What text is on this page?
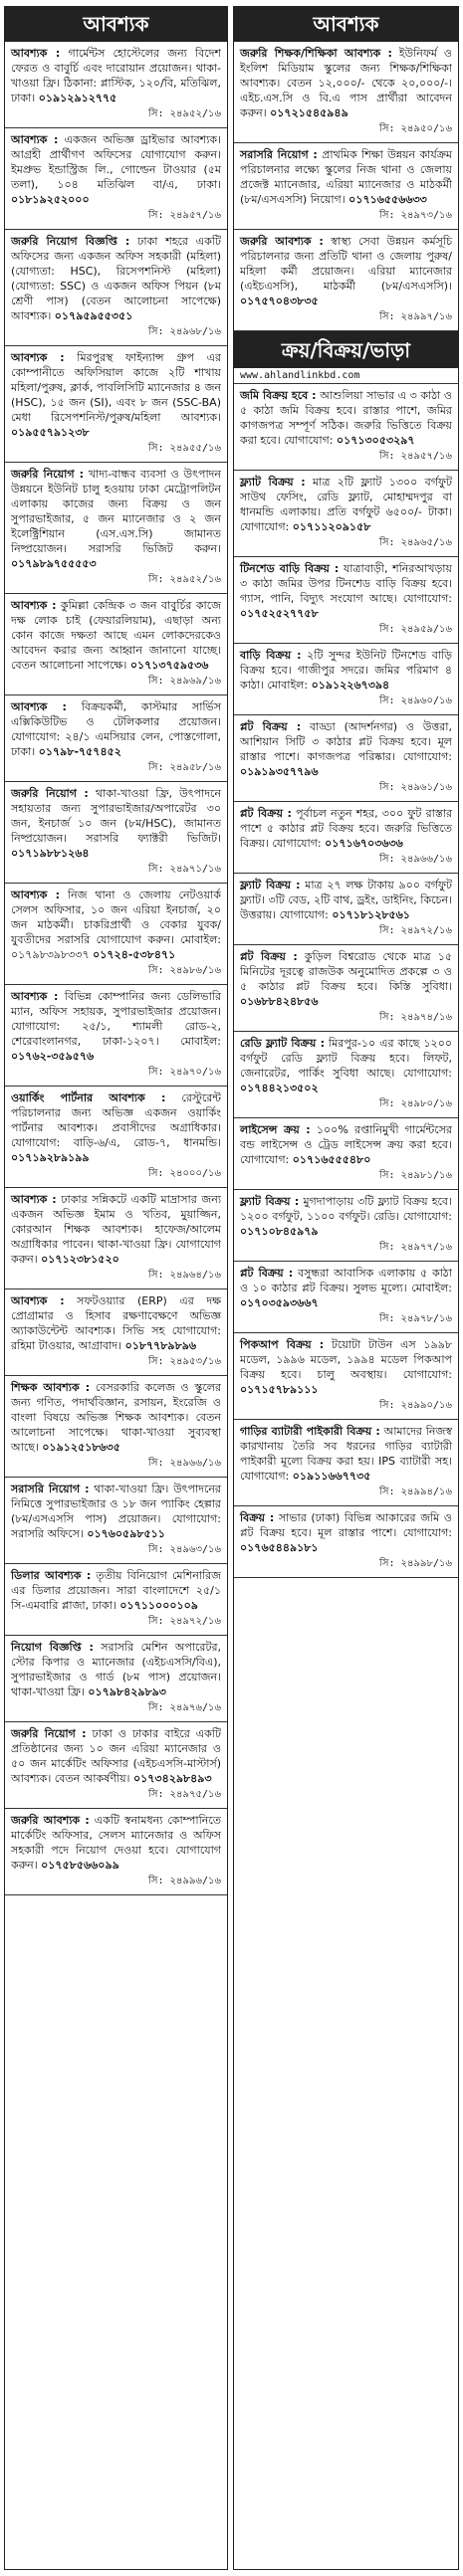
আবশ্যক
আবশ্যক : গার্মেন্টস হোস্টেলের জন্য বিদেশ ফেরত ও বাবুর্চি এবং দারোয়ান প্রয়োজন। থাকা-খাওয়া ফ্রি। ঠিকানা: প্লাস্টিক, ১২০/বি, মতিঝিল, ঢাকা। ০১৯১২৯১২৭৭৫
সি: ২৪৯৫২/১৬
আবশ্যক : একজন অভিজ্ঞ ড্রাইভার আবশ্যক। আগ্রহী প্রার্থীগণ অফিসের যোগাযোগ করুন। ইমপ্রুভ ইন্ডাস্ট্রিজ লি., গোল্ডেন টাওয়ার (৫ম তলা), ১০৪ মতিঝিল বা/এ, ঢাকা। ০১৮১৯২৫২০০০
সি: ২৪৯৫৭/১৬
জরুরি নিয়োগ বিজ্ঞপ্তি : ঢাকা শহরে একটি অফিসের জন্য একজন অফিস সহকারী (মহিলা) (যোগ্যতা: HSC), রিসেপশনিস্ট (মহিলা) (যোগ্যতা: SSC) ও একজন অফিস পিয়ন (৮ম শ্রেণী পাস) (বেতন আলোচনা সাপেক্ষে) আবশ্যক। ০১৭৯৫৯৫৫৩৫১
সি: ২৪৯৬৮/১৬
আবশ্যক : মিরপুরস্থ ফাইন্যান্স গ্রুপ এর কোম্পানীতে অফিসিয়াল কাজে ২টি শাখায় মহিলা/পুরুষ, ক্লার্ক, পাবলিসিটি ম্যানেজার ৪ জন (HSC), ১৫ জন (SI), এবং ৮ জন (SSC-BA) মেধা রিসেপশনিস্ট/পুরুষ/মহিলা আবশ্যক। ০১৯৫৫৭৯১২৩৮
সি: ২৪৯৫৫/১৬
জরুরি নিয়োগ : খাদ্য-বান্ধব ব্যবসা ও উৎপাদন উন্নয়নে ইউনিট চালু হওয়ায় ঢাকা মেট্রোপলিটন এলাকায় কাজের জন্য বিক্রয় ও জন সুপারভাইজার, ৫ জন ম্যানেজার ও ২ জন ইলেক্ট্রিশিয়ান (এস.এস.সি) জামানত নিষ্প্রয়োজন। সরাসরি ভিজিট করুন। ০১৭৯৮৯৭৫৫৫৫৩
সি: ২৪৯৫২/১৬
আবশ্যক : কুমিল্লা কেন্দ্রিক ৩ জন বাবুর্চির কাজে দক্ষ লোক চাই (ফেয়ারলিয়াম), এছাড়া অন্য কোন কাজে দক্ষতা আছে এমন লোকদেরকেও আবেদন করার জন্য আহ্বান জানানো যাচ্ছে। বেতন আলোচনা সাপেক্ষে। ০১৭১৩৭৫৯৫৩৬
সি: ২৪৯৬৯/১৬
আবশ্যক : বিক্রয়কর্মী, কাস্টমার সার্ভিস এক্সিকিউটিভ ও টেলিকলার প্রয়োজন। যোগাযোগ: ২৪/১ এমসিয়ার লেন, পোস্তগোলা, ঢাকা। ০১৭৯৮-৭৫৭৪৫২
সি: ২৪৯৫৮/১৬
জরুরি নিয়োগ : থাকা-খাওয়া ফ্রি, উৎপাদনে সহায়তার জন্য সুপারভাইজার/অপারেটর ৩০ জন, ইনচার্জ ১০ জন (৮ম/HSC), জামানত নিষ্প্রয়োজন। সরাসরি ফ্যাক্টরী ভিজিট। ০১৭১৯৮৮১২৬৪
সি: ২৪৯৭১/১৬
আবশ্যক : নিজ থানা ও জেলায় নেটওয়ার্ক সেলস অফিসার, ১০ জন এরিয়া ইনচার্জ, ২০ জন মাঠকর্মী। চাকরিপ্রার্থী ও বেকার যুবক/যুবতীদের সরাসরি যোগাযোগ করুন। মোবাইল: ০১৭৯৮৩৯৮৩৩৭ ০১৭২৪-৫৩৮৪৭১
সি: ২৪৯৮৬/১৬
আবশ্যক : বিভিন্ন কোম্পানির জন্য ডেলিভারি ম্যান, অফিস সহায়ক, সুপারভাইজার প্রয়োজন। যোগাযোগ: ২৫/১, শ্যামলী রোড-২, শেরেবাংলানগর, ঢাকা-১২০৭। মোবাইল: ০১৭৬২-৩৫৯৫৭৬
সি: ২৪৯৭০/১৬
ওয়ার্কিং পার্টনার আবশ্যক : রেস্টুরেন্ট পরিচালনার জন্য অভিজ্ঞ একজন ওয়ার্কিং পার্টনার আবশ্যক। প্রবাসীদের অগ্রাধিকার। যোগাযোগ: বাড়ি-৬/এ, রোড-৭, ধানমন্ডি। ০১৭১৯২৮৯১৯৯
সি: ২৪০০০/১৬
আবশ্যক : ঢাকার সন্নিকটে একটি মাদ্রাসার জন্য একজন অভিজ্ঞ ইমাম ও খতিব, মুয়াজ্জিন, কোরআন শিক্ষক আবশ্যক। হাফেজ/আলেম অগ্রাধিকার পাবেন। থাকা-খাওয়া ফ্রি। যোগাযোগ করুন। ০১৭১২৩৮১৫২০
সি: ২৪৯৬৪/১৬
আবশ্যক : সফটওয়্যার (ERP) এর দক্ষ প্রোগ্রামার ও হিসাব রক্ষণাবেক্ষণে অভিজ্ঞ অ্যাকাউন্টেন্ট আবশ্যক। সিভি সহ যোগাযোগ: রহিমা টাওয়ার, আগ্রাবাদ। ০১৮৭৭৮৯৮৯৬
সি: ২৪৯৫৩/১৬
শিক্ষক আবশ্যক : বেসরকারি কলেজ ও স্কুলের জন্য গণিত, পদার্থবিজ্ঞান, রসায়ন, ইংরেজি ও বাংলা বিষয়ে অভিজ্ঞ শিক্ষক আবশ্যক। বেতন আলোচনা সাপেক্ষে। থাকা-খাওয়া সুব্যবস্থা আছে। ০১৯১২৫১৮৬৩৫
সি: ২৪৯৬৬/১৬
সরাসরি নিয়োগ : থাকা-খাওয়া ফ্রি। উৎপাদনের নিমিত্তে সুপারভাইজার ও ১৮ জন প্যাকিং হেল্পার (৮ম/এসএসসি পাস) প্রয়োজন। যোগাযোগ: সরাসরি অফিসে। ০১৭৬০৫৯৮৫১১
সি: ২৪৯৬৩/১৬
ডিলার আবশ্যক : তৃতীয় বিনিয়োগ মেশিনারিজ এর ডিলার প্রয়োজন। সারা বাংলাদেশে ২৫/১ সি-এমবারি প্লাজা, ঢাকা। ০১৭১১০০০১০৯
সি: ২৪৯৭২/১৬
নিয়োগ বিজ্ঞপ্তি : সরাসরি মেশিন অপারেটর, স্টোর কিপার ও ম্যানেজার (এইচএসসি/বিএ), সুপারভাইজার ও গার্ড (৮ম পাস) প্রয়োজন। থাকা-খাওয়া ফ্রি। ০১৭৯৮৪২৯৮৯৩
সি: ২৪৯৭৬/১৬
জরুরি নিয়োগ : ঢাকা ও ঢাকার বাইরে একটি প্রতিষ্ঠানের জন্য ১০ জন এরিয়া ম্যানেজার ও ৫০ জন মার্কেটিং অফিসার (এইচএসসি-মাস্টার্স) আবশ্যক। বেতন আকর্ষণীয়। ০১৭৩৪২৯৮৪৯৩
সি: ২৪৯৭৫/১৬
জরুরি আবশ্যক : একটি স্বনামধন্য কোম্পানিতে মার্কেটিং অফিসার, সেলস ম্যানেজার ও অফিস সহকারী পদে নিয়োগ দেওয়া হবে। যোগাযোগ করুন। ০১৭৫৮৫৬৬০৯৯
সি: ২৪৯৯৬/১৬
আবশ্যক
জরুরি শিক্ষক/শিক্ষিকা আবশ্যক : ইউনিফর্ম ও ইংলিশ মিডিয়াম স্কুলের জন্য শিক্ষক/শিক্ষিকা আবশ্যক। বেতন ১২,০০০/- থেকে ২০,০০০/-। এইচ.এস.সি ও বি.এ পাস প্রার্থীরা আবেদন করুন। ০১৭২১৫৪৫৯৪৯
সি: ২৪৯৫০/১৬
সরাসরি নিয়োগ : প্রাথমিক শিক্ষা উন্নয়ন কার্যক্রম পরিচালনার লক্ষ্যে স্কুলের নিজ থানা ও জেলায় প্রজেক্ট ম্যানেজার, এরিয়া ম্যানেজার ও মাঠকর্মী (৮ম/এসএসসি) নিয়োগ। ০১৭১৬৫৫৬৬৩৩
সি: ২৪৯৭৩/১৬
জরুরি আবশ্যক : স্বাস্থ্য সেবা উন্নয়ন কর্মসূচি পরিচালনার জন্য প্রতিটি থানা ও জেলায় পুরুষ/মহিলা কর্মী প্রয়োজন। এরিয়া ম্যানেজার (এইচএসসি), মাঠকর্মী (৮ম/এসএসসি)। ০১৭৫৭০৪৩৮৩৫
সি: ২৪৯৯৭/১৬
ক্রয়/বিক্রয়/ভাড়া
www.ahlandlinkbd.com
জমি বিক্রয় হবে : আশুলিয়া সাভার এ ৩ কাঠা ও ৫ কাঠা জমি বিক্রয় হবে। রাস্তার পাশে, জমির কাগজপত্র সম্পূর্ণ সঠিক। জরুরি ভিত্তিতে বিক্রয় করা হবে। যোগাযোগ: ০১৭১৩০৫৩২৯৭
সি: ২৪৯৫৭/১৬
ফ্ল্যাট বিক্রয় : মাত্র ২টি ফ্ল্যাট ১৩০০ বর্গফুট সাউথ ফেসিং, রেডি ফ্ল্যাট, মোহাম্মদপুর বা ধানমন্ডি এলাকায়। প্রতি বর্গফুট ৬৫০০/- টাকা। যোগাযোগ: ০১৭১১২০৯১৫৮
সি: ২৪৯৬৫/১৬
টিনশেড বাড়ি বিক্রয় : যাত্রাবাড়ী, শনিরআখড়ায় ৩ কাঠা জমির উপর টিনশেড বাড়ি বিক্রয় হবে। গ্যাস, পানি, বিদ্যুৎ সংযোগ আছে। যোগাযোগ: ০১৭৫২৫২৭৭৫৮
সি: ২৪৯৫৯/১৬
বাড়ি বিক্রয় : ২টি সুন্দর ইউনিট টিনশেড বাড়ি বিক্রয় হবে। গাজীপুর সদরে। জমির পরিমাণ ৪ কাঠা। মোবাইল: ০১৯১২২৬৭৩৯৪
সি: ২৪৯৬০/১৬
প্লট বিক্রয় : বাড্ডা (আদর্শনগর) ও উত্তরা, আশিয়ান সিটি ৩ কাঠার প্লট বিক্রয় হবে। মূল রাস্তার পাশে। কাগজপত্র পরিষ্কার। যোগাযোগ: ০১৯১৯৩৫৭৭৯৬
সি: ২৪৯৬১/১৬
প্লট বিক্রয় : পূর্বাচল নতুন শহর, ৩০০ ফুট রাস্তার পাশে ৫ কাঠার প্লট বিক্রয় হবে। জরুরি ভিত্তিতে বিক্রয়। যোগাযোগ: ০১৭১৬৭০৩৬৩৬
সি: ২৪৯৬৬/১৬
ফ্ল্যাট বিক্রয় : মাত্র ২৭ লক্ষ টাকায় ৯০০ বর্গফুট ফ্ল্যাট। ৩টি বেড, ২টি বাথ, ড্রইং, ডাইনিং, কিচেন। উত্তরায়। যোগাযোগ: ০১৭১৮১২৮৫৬১
সি: ২৪৯৭২/১৬
প্লট বিক্রয় : কুড়িল বিশ্বরোড থেকে মাত্র ১৫ মিনিটের দূরত্বে রাজউক অনুমোদিত প্রকল্পে ৩ ও ৫ কাঠার প্লট বিক্রয় হবে। কিস্তি সুবিধা। ০১৬৮৮৪২৪৮৫৬
সি: ২৪৯৭৪/১৬
রেডি ফ্ল্যাট বিক্রয় : মিরপুর-১০ এর কাছে ১২০০ বর্গফুট রেডি ফ্ল্যাট বিক্রয় হবে। লিফট, জেনারেটর, পার্কিং সুবিধা আছে। যোগাযোগ: ০১৭৪৪২১৩৫০২
সি: ২৪৯৮০/১৬
লাইসেন্স ক্রয় : ১০০% রপ্তানিমুখী গার্মেন্টসের বন্ড লাইসেন্স ও ট্রেড লাইসেন্স ক্রয় করা হবে। যোগাযোগ: ০১৭১৬৫৫৫৪৮০
সি: ২৪৯৮১/১৬
ফ্ল্যাট বিক্রয় : মুগদাপাড়ায় ৩টি ফ্ল্যাট বিক্রয় হবে। ১২০০ বর্গফুট, ১১০০ বর্গফুট। রেডি। যোগাযোগ: ০১৭১০৮৪৫৯৭৯
সি: ২৪৯৭৭/১৬
প্লট বিক্রয় : বসুন্ধরা আবাসিক এলাকায় ৫ কাঠা ও ১০ কাঠার প্লট বিক্রয়। সুলভ মূল্যে। মোবাইল: ০১৭০৩৫৯৩৬৬৭
সি: ২৪৯৭৮/১৬
পিকআপ বিক্রয় : টয়োটা টাউন এস ১৯৯৮ মডেল, ১৯৯৬ মডেল, ১৯৯৪ মডেল পিকআপ বিক্রয় হবে। চালু অবস্থায়। যোগাযোগ: ০১৭১৫৭৮৯১১১
সি: ২৪৯৯০/১৬
গাড়ির ব্যাটারী পাইকারী বিক্রয় : আমাদের নিজস্ব কারখানায় তৈরি সব ধরনের গাড়ির ব্যাটারী পাইকারী মূল্যে বিক্রয় করা হয়। IPS ব্যাটারী সহ। যোগাযোগ: ০১৯১১৬৬৭৭৩৫
সি: ২৪৯৯৪/১৬
বিক্রয় : সাভার (ঢাকা) বিভিন্ন আকারের জমি ও প্লট বিক্রয় হবে। মূল রাস্তার পাশে। যোগাযোগ: ০১৭৬৫৪৪৯১৮১
সি: ২৪৯৯৮/১৬
